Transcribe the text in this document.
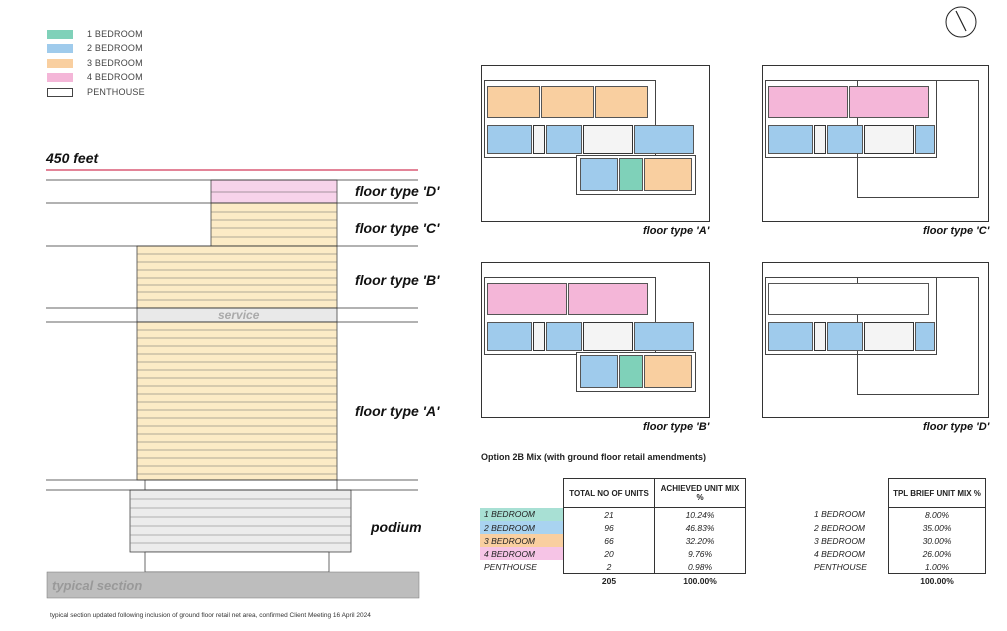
1 BEDROOM
2 BEDROOM
3 BEDROOM
4 BEDROOM
PENTHOUSE
450 feet
floor type 'D'
floor type 'C'
floor type 'B'
service
floor type 'A'
podium
typical section
typical section updated following inclusion of ground floor retail net area, confirmed Client Meeting 16 April 2024
floor type 'A'	floor type 'C'
floor type 'B'	floor type 'D'
Option 2B Mix (with ground floor retail amendments)
	TOTAL NO OF UNITS	ACHIEVED UNIT MIX %
1 BEDROOM	21	10.24%
2 BEDROOM	96	46.83%
3 BEDROOM	66	32.20%
4 BEDROOM	20	9.76%
PENTHOUSE	2	0.98%
	205	100.00%
	TPL BRIEF UNIT MIX %
1 BEDROOM	8.00%
2 BEDROOM	35.00%
3 BEDROOM	30.00%
4 BEDROOM	26.00%
PENTHOUSE	1.00%
	100.00%
